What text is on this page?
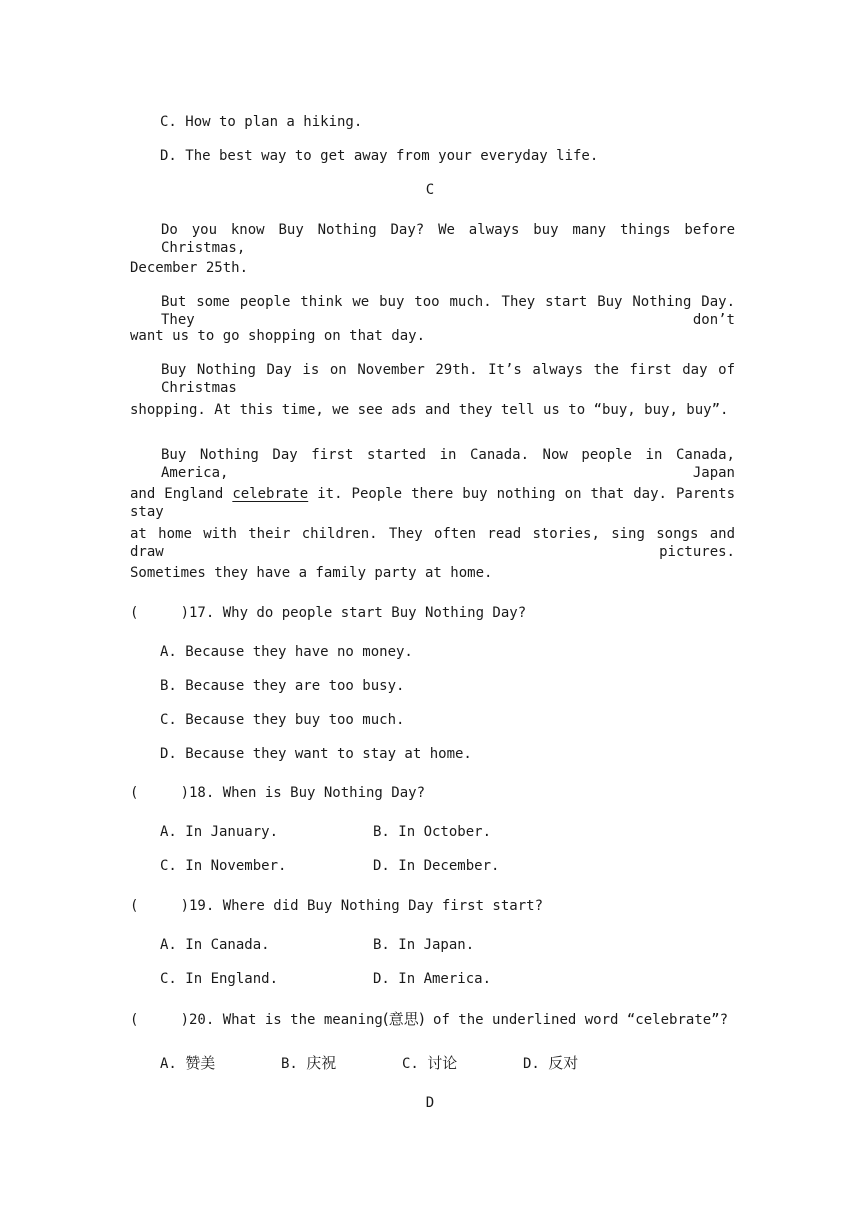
C. How to plan a hiking.
D. The best way to get away from your everyday life.
C
Do you know Buy Nothing Day? We always buy many things before Christmas,
December 25th.
But some people think we buy too much. They start Buy Nothing Day. They don’t
want us to go shopping on that day.
Buy Nothing Day is on November 29th. It’s always the first day of Christmas
shopping. At this time, we see ads and they tell us to “buy, buy, buy”.
Buy Nothing Day first started in Canada. Now people in Canada, America, Japan
and England celebrate it. People there buy nothing on that day. Parents stay
at home with their children. They often read stories, sing songs and draw pictures.
Sometimes they have a family party at home.
(     )17. Why do people start Buy Nothing Day?
A. Because they have no money.
B. Because they are too busy.
C. Because they buy too much.
D. Because they want to stay at home.
(     )18. When is Buy Nothing Day?
A. In January.	B. In October.
C. In November.	D. In December.
(     )19. Where did Buy Nothing Day first start?
A. In Canada.	B. In Japan.
C. In England.	D. In America.
(     )20. What is the meaning(意思) of the underlined word “celebrate”?
A. 赞美	B. 庆祝	C. 讨论	D. 反对
D
